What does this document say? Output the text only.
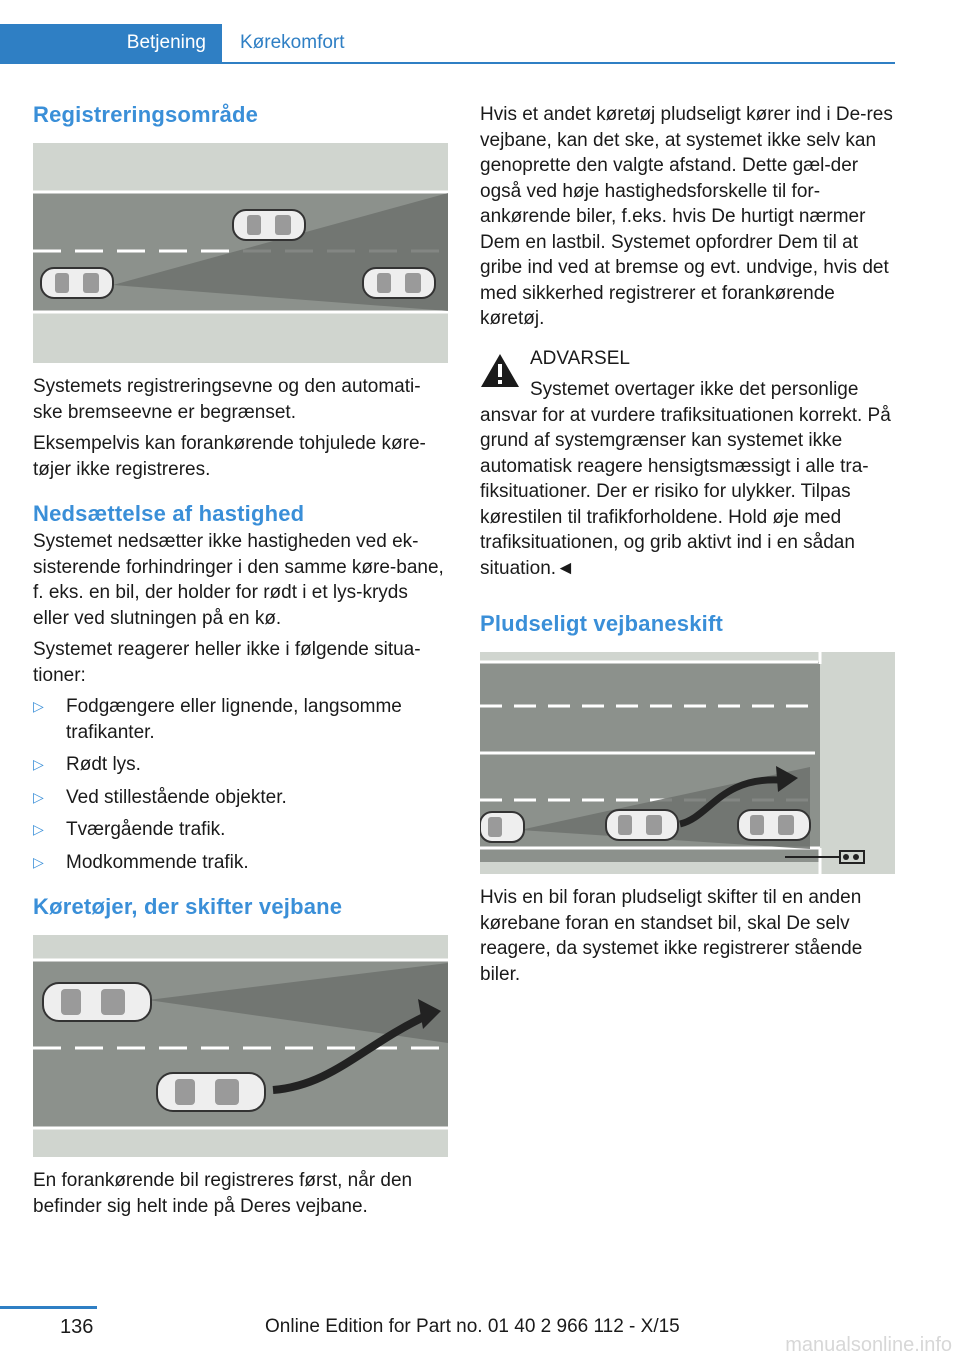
Betjening	Kørekomfort
Registreringsområde

Systemets registreringsevne og den automati-ske bremseevne er begrænset.

Eksempelvis kan forankørende tohjulede køre-tøjer ikke registreres.

Nedsættelse af hastighed

Systemet nedsætter ikke hastigheden ved ek-sisterende forhindringer i den samme køre-bane, f. eks. en bil, der holder for rødt i et lys-kryds eller ved slutningen på en kø.

Systemet reagerer heller ikke i følgende situa-tioner:

▷ Fodgængere eller lignende, langsomme trafikanter.
▷ Rødt lys.
▷ Ved stillestående objekter.
▷ Tværgående trafik.
▷ Modkommende trafik.
Køretøjer, der skifter vejbane

En forankørende bil registreres først, når den befinder sig helt inde på Deres vejbane.

Hvis et andet køretøj pludseligt kører ind i De-res vejbane, kan det ske, at systemet ikke selv kan genoprette den valgte afstand. Dette gæl-der også ved høje hastighedsforskelle til for-ankørende biler, f.eks. hvis De hurtigt nærmer Dem en lastbil. Systemet opfordrer Dem til at gribe ind ved at bremse og evt. undvige, hvis det med sikkerhed registrerer et forankørende køretøj.

ADVARSEL

Systemet overtager ikke det personlige ansvar for at vurdere trafiksituationen korrekt. På grund af systemgrænser kan systemet ikke automatisk reagere hensigtsmæssigt i alle tra-fiksituationer. Der er risiko for ulykker. Tilpas kørestilen til trafikforholdene. Hold øje med trafiksituationen, og grib aktivt ind i en sådan situation.◄

Pludseligt vejbaneskift

Hvis en bil foran pludseligt skifter til en anden kørebane foran en standset bil, skal De selv reagere, da systemet ikke registrerer stående biler.

136	Online Edition for Part no. 01 40 2 966 112 - X/15
manualsonline.info
